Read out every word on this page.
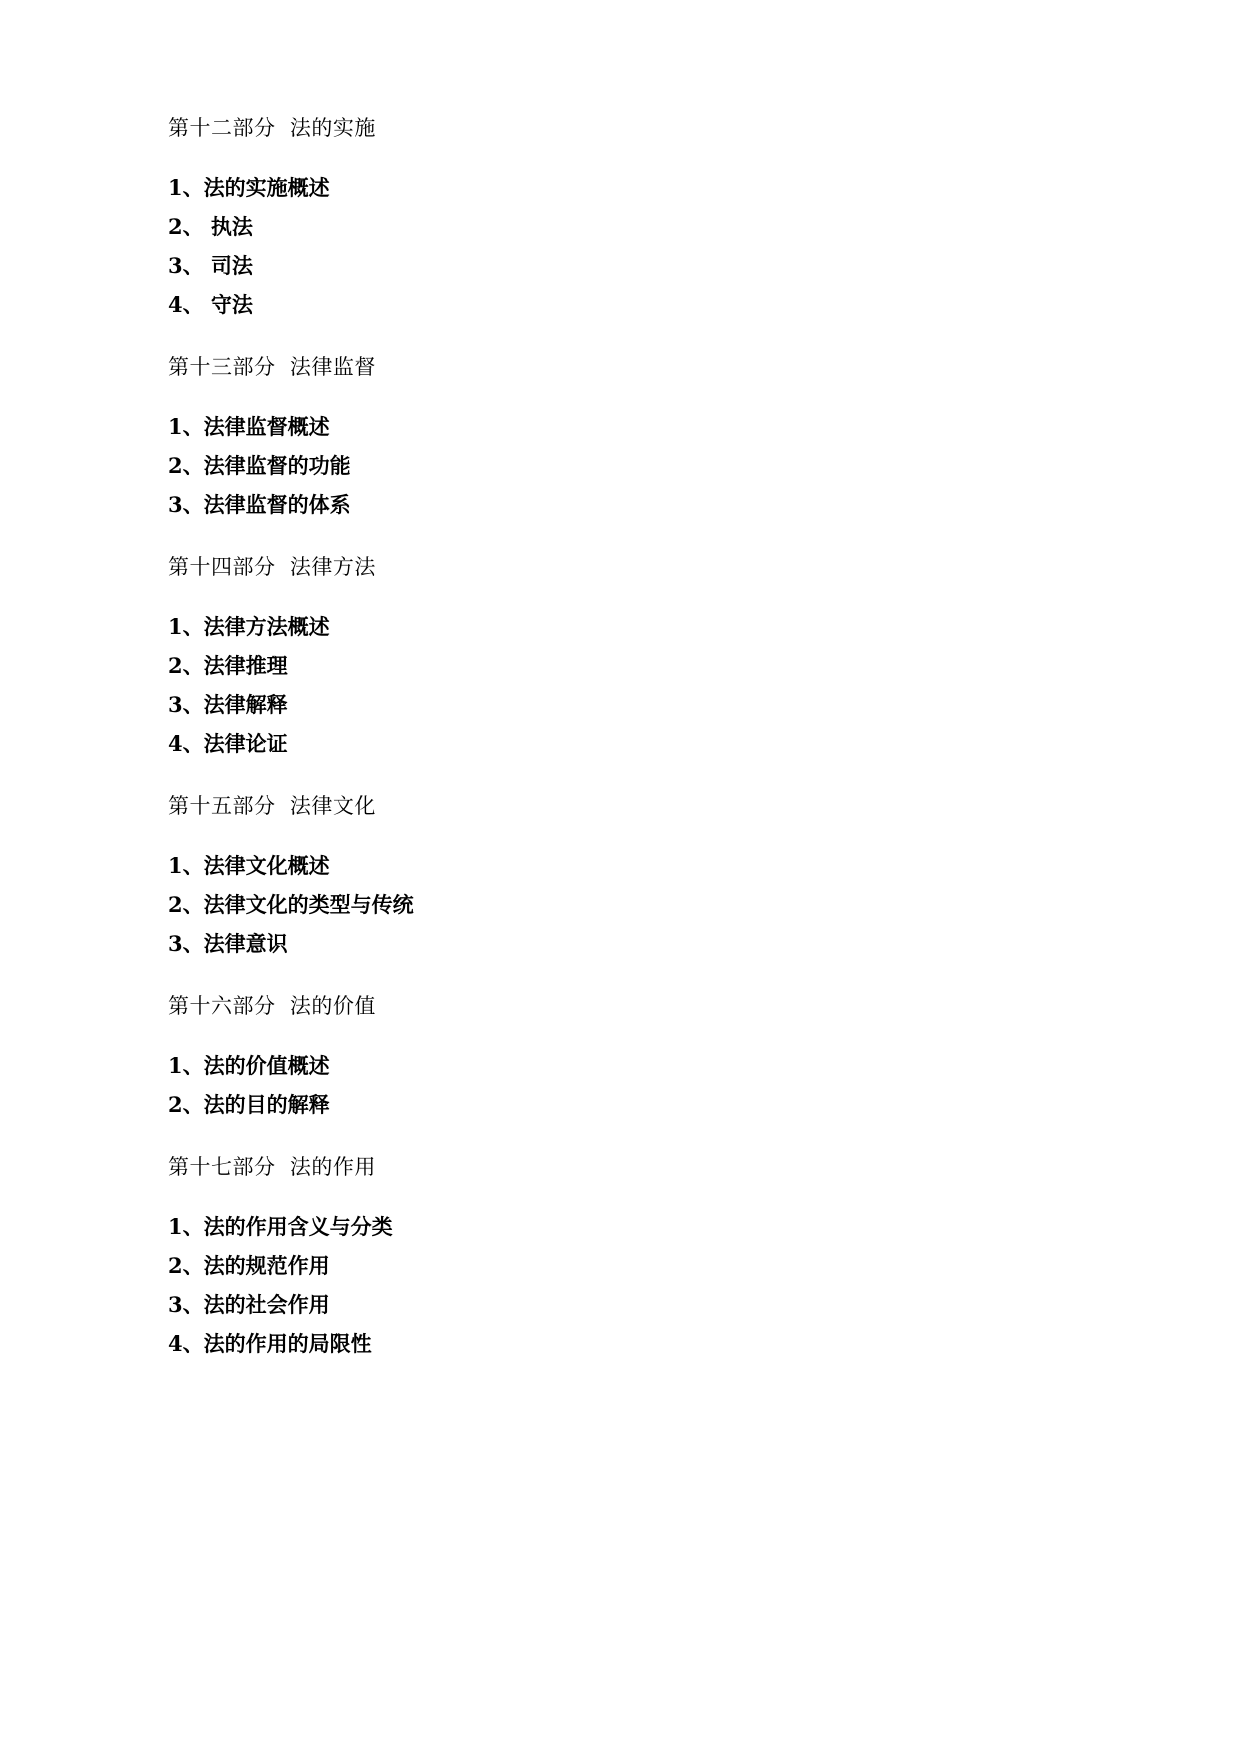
第十二部分  法的实施
1、法的实施概述
2、 执法
3、 司法
4、 守法
第十三部分  法律监督
1、法律监督概述
2、法律监督的功能
3、法律监督的体系
第十四部分  法律方法
1、法律方法概述
2、法律推理
3、法律解释
4、法律论证
第十五部分  法律文化
1、法律文化概述
2、法律文化的类型与传统
3、法律意识
第十六部分  法的价值
1、法的价值概述
2、法的目的解释
第十七部分  法的作用
1、法的作用含义与分类
2、法的规范作用
3、法的社会作用
4、法的作用的局限性
